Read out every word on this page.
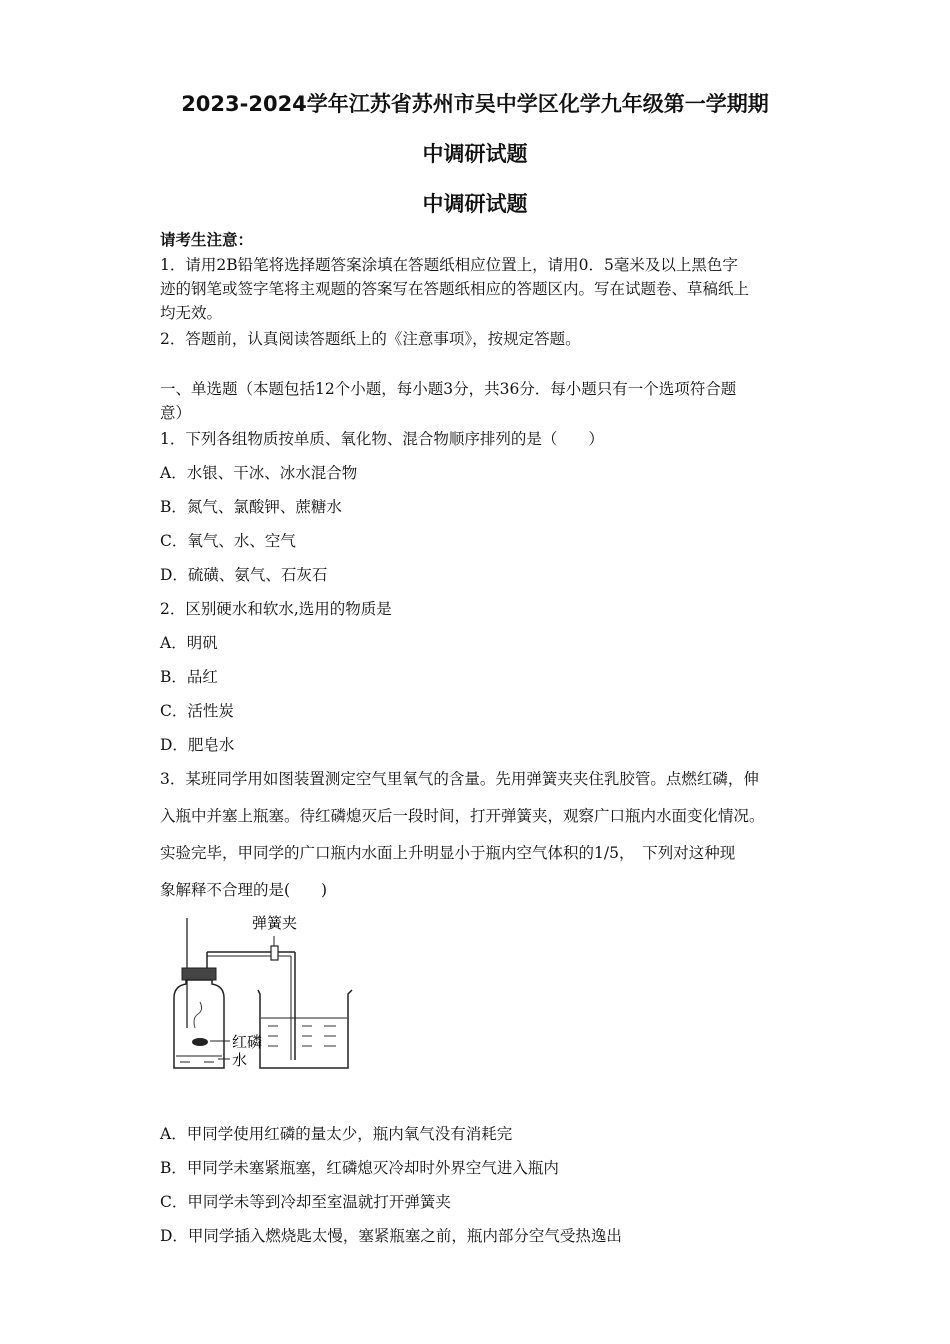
2023-2024学年江苏省苏州市吴中学区化学九年级第一学期期
中调研试题
中调研试题
请考生注意：
1．请用2B铅笔将选择题答案涂填在答题纸相应位置上，请用0．5毫米及以上黑色字
迹的钢笔或签字笔将主观题的答案写在答题纸相应的答题区内。写在试题卷、草稿纸上
均无效。
2．答题前，认真阅读答题纸上的《注意事项》，按规定答题。
一、单选题（本题包括12个小题，每小题3分，共36分．每小题只有一个选项符合题
意）
1．下列各组物质按单质、氧化物、混合物顺序排列的是（　　）
A．水银、干冰、冰水混合物
B．氮气、氯酸钾、蔗糖水
C．氧气、水、空气
D．硫磺、氨气、石灰石
2．区别硬水和软水,选用的物质是
A．明矾
B．品红
C．活性炭
D．肥皂水
3．某班同学用如图装置测定空气里氧气的含量。先用弹簧夹夹住乳胶管。点燃红磷，伸
入瓶中并塞上瓶塞。待红磷熄灭后一段时间，打开弹簧夹，观察广口瓶内水面变化情况。
实验完毕，甲同学的广口瓶内水面上升明显小于瓶内空气体积的1/5，　下列对这种现
象解释不合理的是(　　)
弹簧夹
红磷
水
A．甲同学使用红磷的量太少，瓶内氧气没有消耗完
B．甲同学未塞紧瓶塞，红磷熄灭冷却时外界空气进入瓶内
C．甲同学未等到冷却至室温就打开弹簧夹
D．甲同学插入燃烧匙太慢，塞紧瓶塞之前，瓶内部分空气受热逸出
